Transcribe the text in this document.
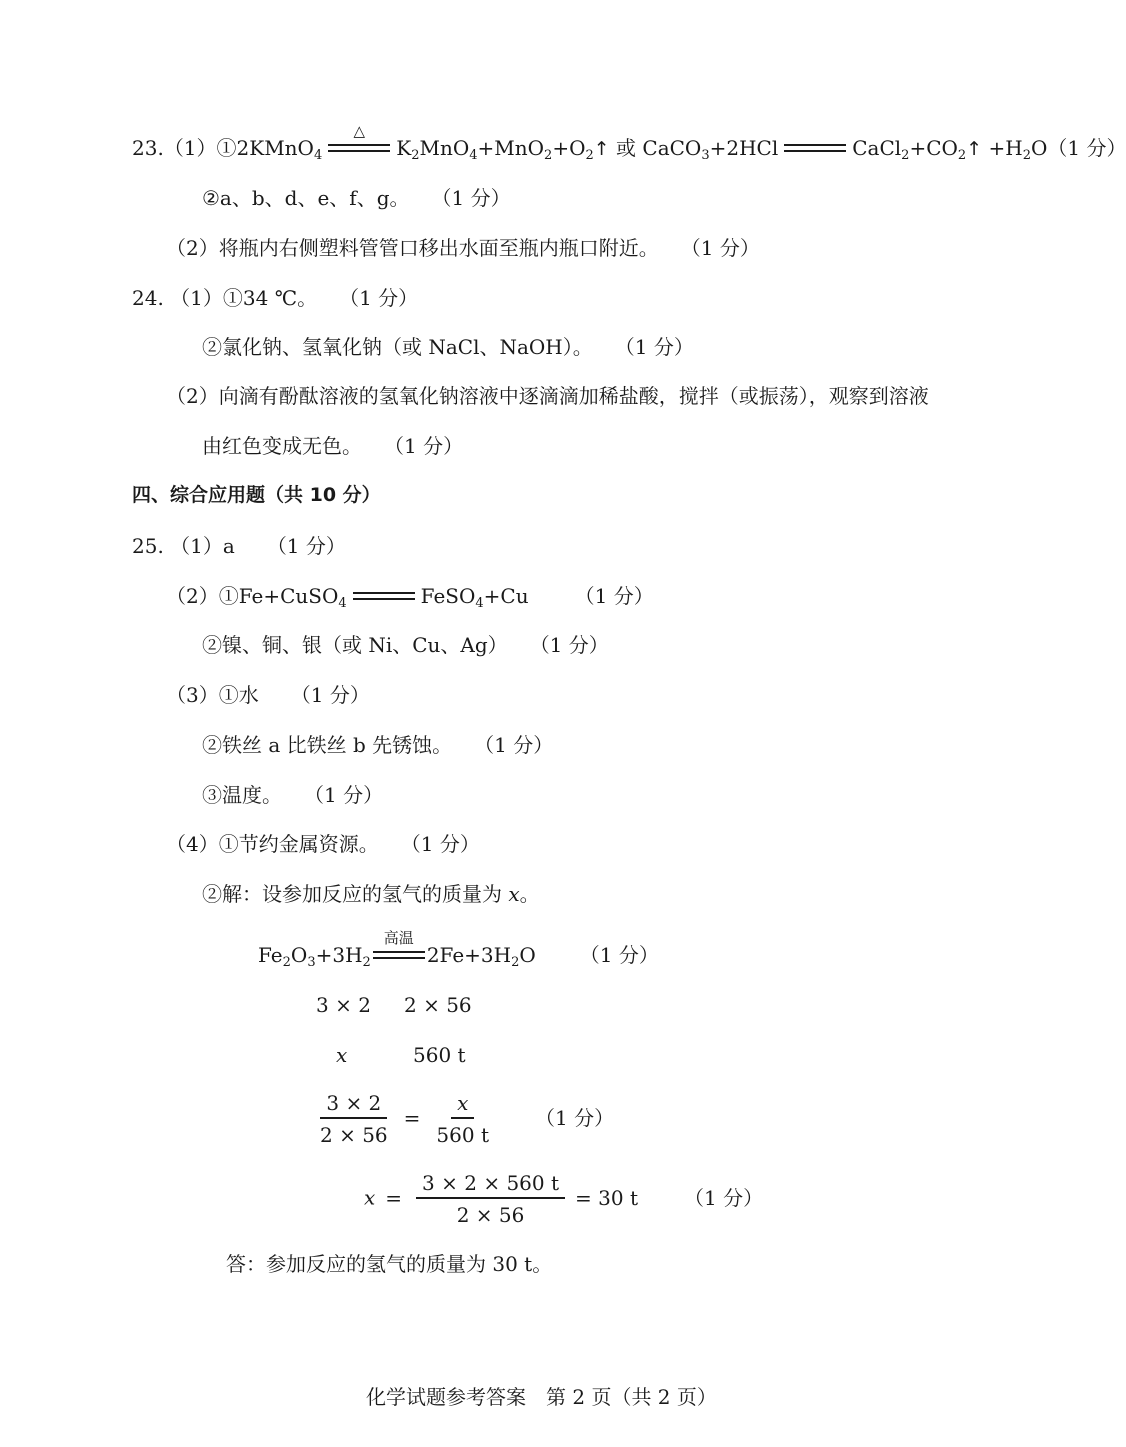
23.（1）①2KMnO$_4$
△
$K_2MnO_4+MnO_2+O_2↑$ 或 CaCO$_3$+2HCl	$CaCl_2+CO_2↑ +H_2O(1$ 分）
②a、b、d、e、f、g。 （1 分）
（2）将瓶内右侧塑料管管口移出水面至瓶内瓶口附近。 （1 分）
24. （1）①34 ℃。 （1 分）
②氯化钠、氢氧化钠（或 NaCl、NaOH）。 （1 分）
（2）向滴有酚酞溶液的氢氧化钠溶液中逐滴滴加稀盐酸，搅拌（或振荡），观察到溶液
由红色变成无色。 （1 分）
四、综合应用题（共 10 分）
25. （1）a （1 分）
（2）①Fe+CuSO$_4$	FeSO$_4$+Cu （1 分）
②镍、铜、银（或 Ni、Cu、Ag） （1 分）
（3）①水 （1 分）
②铁丝 a 比铁丝 b 先锈蚀。 （1 分）
③温度。 （1 分）
（4）①节约金属资源。 （1 分）
②解：设参加反应的氢气的质量为 x。
$Fe_2O_3+3H_2$
高温
$2Fe+3H_2O$ （1 分）
3 × 2 2 × 56
x	560 t
$\frac{3 \times 2}{2 \times 56} = \frac{x}{560 t} (1$ 分）
$x = \frac{3 \times 2 \times 560 t}{2 \times 56} = 30$ t （1 分）
答：参加反应的氢气的质量为 30 t。
化学试题参考答案　第 2 页（共 2 页）
